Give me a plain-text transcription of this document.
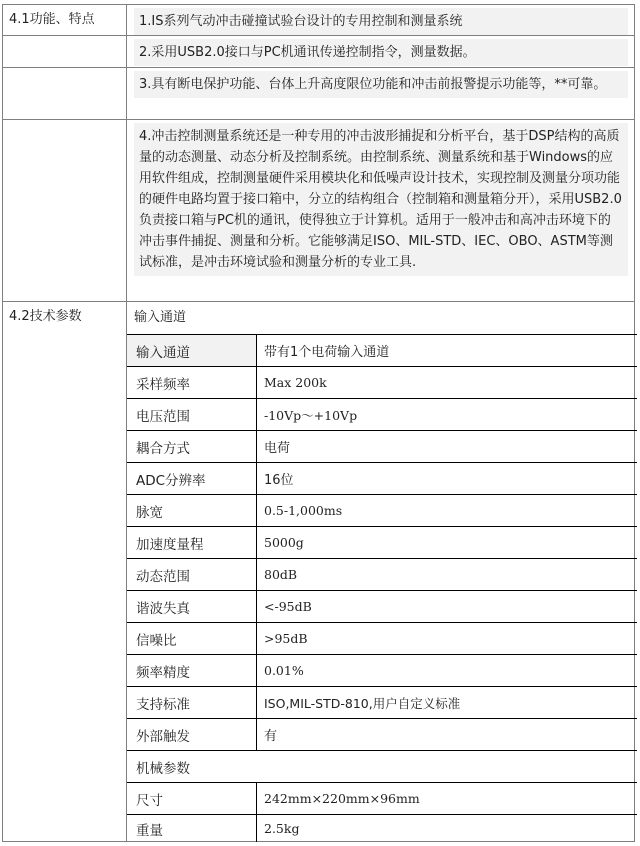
4.1功能、特点	1.IS系列气动冲击碰撞试验台设计的专用控制和测量系统
2.采用USB2.0接口与PC机通讯传递控制指令，测量数据。
3.具有断电保护功能、台体上升高度限位功能和冲击前报警提示功能等，**可靠。
4.冲击控制测量系统还是一种专用的冲击波形捕捉和分析平台，基于DSP结构的高质量的动态测量、动态分析及控制系统。由控制系统、测量系统和基于Windows的应用软件组成，控制测量硬件采用模块化和低噪声设计技术，实现控制及测量分项功能的硬件电路均置于接口箱中，分立的结构组合（控制箱和测量箱分开），采用USB2.0负责接口箱与PC机的通讯，使得独立于计算机。适用于一般冲击和高冲击环境下的冲击事件捕捉、测量和分析。它能够满足ISO、MIL-STD、IEC、OBO、ASTM等测试标准，是冲击环境试验和测量分析的专业工具.
4.2技术参数	输入通道
输入通道	带有1个电荷输入通道
采样频率	Max 200k
电压范围	-10Vp～+10Vp
耦合方式	电荷
ADC分辨率	16位
脉宽	0.5-1,000ms
加速度量程	5000g
动态范围	80dB
谐波失真	<-95dB
信噪比	>95dB
频率精度	0.01%
支持标准	ISO,MIL-STD-810,用户自定义标准
外部触发	有
机械参数
尺寸	242mm×220mm×96mm
重量	2.5kg
